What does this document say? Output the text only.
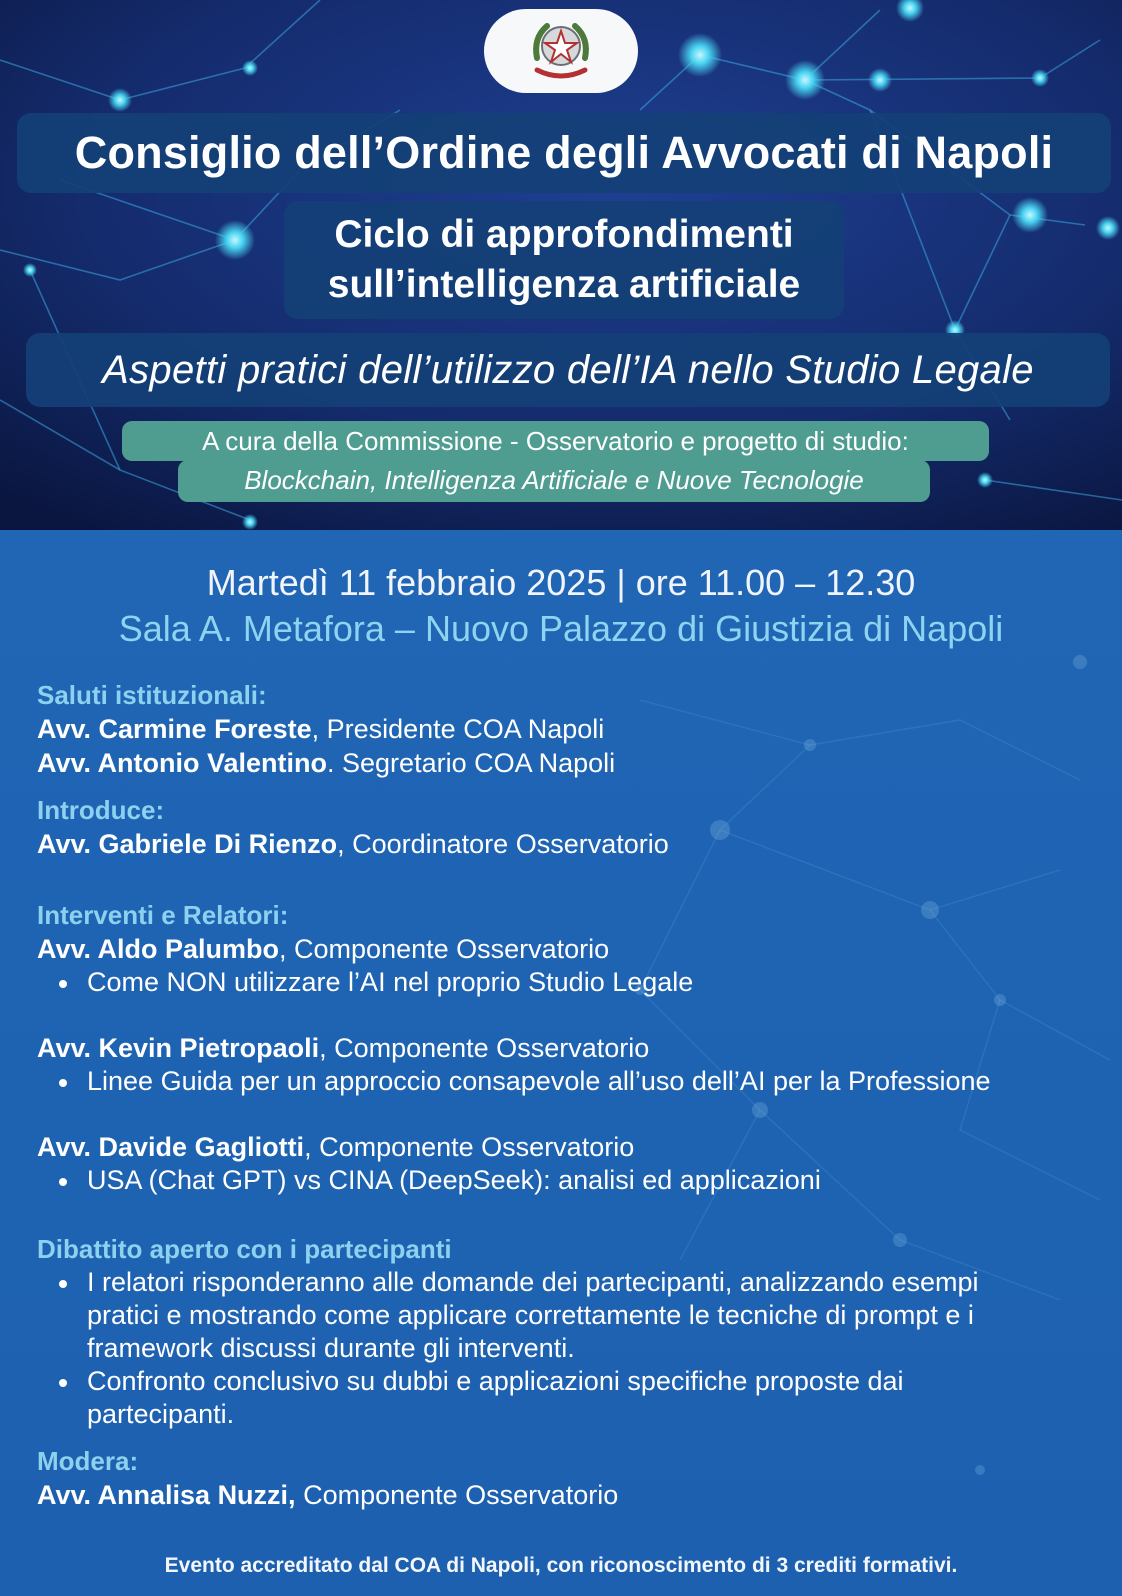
Consiglio dell’Ordine degli Avvocati di Napoli
Ciclo di approfondimenti
sull’intelligenza artificiale
Aspetti pratici dell’utilizzo dell’IA nello Studio Legale
A cura della Commissione - Osservatorio e progetto di studio:
Blockchain, Intelligenza Artificiale e Nuove Tecnologie
Martedì 11 febbraio 2025 | ore 11.00 – 12.30
Sala A. Metafora – Nuovo Palazzo di Giustizia di Napoli
Saluti istituzionali:
Avv. Carmine Foreste, Presidente COA Napoli
Avv. Antonio Valentino. Segretario COA Napoli
Introduce:
Avv. Gabriele Di Rienzo, Coordinatore Osservatorio
Interventi e Relatori:
Avv. Aldo Palumbo, Componente Osservatorio
Come NON utilizzare l’AI nel proprio Studio Legale
Avv. Kevin Pietropaoli, Componente Osservatorio
Linee Guida per un approccio consapevole all’uso dell’AI per la Professione
Avv. Davide Gagliotti, Componente Osservatorio
USA (Chat GPT) vs CINA (DeepSeek): analisi ed applicazioni
Dibattito aperto con i partecipanti
I relatori risponderanno alle domande dei partecipanti, analizzando esempi pratici e mostrando come applicare correttamente le tecniche di prompt e i framework discussi durante gli interventi.
Confronto conclusivo su dubbi e applicazioni specifiche proposte dai partecipanti.
Modera:
Avv. Annalisa Nuzzi, Componente Osservatorio
Evento accreditato dal COA di Napoli, con riconoscimento di 3 crediti formativi.
